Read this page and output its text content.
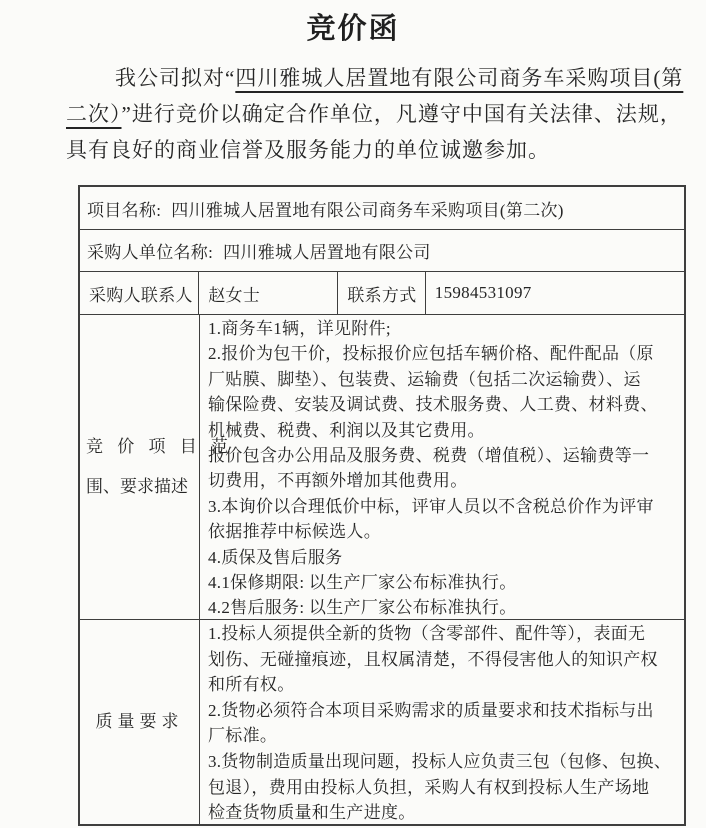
竞价函
我公司拟对“四川雅城人居置地有限公司商务车采购项目(第
二次）”进行竞价以确定合作单位，凡遵守中国有关法律、法规，
具有良好的商业信誉及服务能力的单位诚邀参加。
项目名称: 四川雅城人居置地有限公司商务车采购项目(第二次)
采购人单位名称: 四川雅城人居置地有限公司
采购人联系人 赵女士	联系方式	15984531097
竞 价 项 目 范
围、要求描述
1.商务车1辆，详见附件;
2.报价为包干价，投标报价应包括车辆价格、配件配品（原
厂贴膜、脚垫）、包装费、运输费（包括二次运输费）、运
输保险费、安装及调试费、技术服务费、人工费、材料费、
机械费、税费、利润以及其它费用。
报价包含办公用品及服务费、税费（增值税）、运输费等一
切费用，不再额外增加其他费用。
3.本询价以合理低价中标，评审人员以不含税总价作为评审
依据推荐中标候选人。
4.质保及售后服务
4.1保修期限: 以生产厂家公布标准执行。
4.2售后服务: 以生产厂家公布标准执行。
质量要求
1.投标人须提供全新的货物（含零部件、配件等），表面无
划伤、无碰撞痕迹，且权属清楚，不得侵害他人的知识产权
和所有权。
2.货物必须符合本项目采购需求的质量要求和技术指标与出
厂标准。
3.货物制造质量出现问题，投标人应负责三包（包修、包换、
包退），费用由投标人负担，采购人有权到投标人生产场地
检查货物质量和生产进度。
